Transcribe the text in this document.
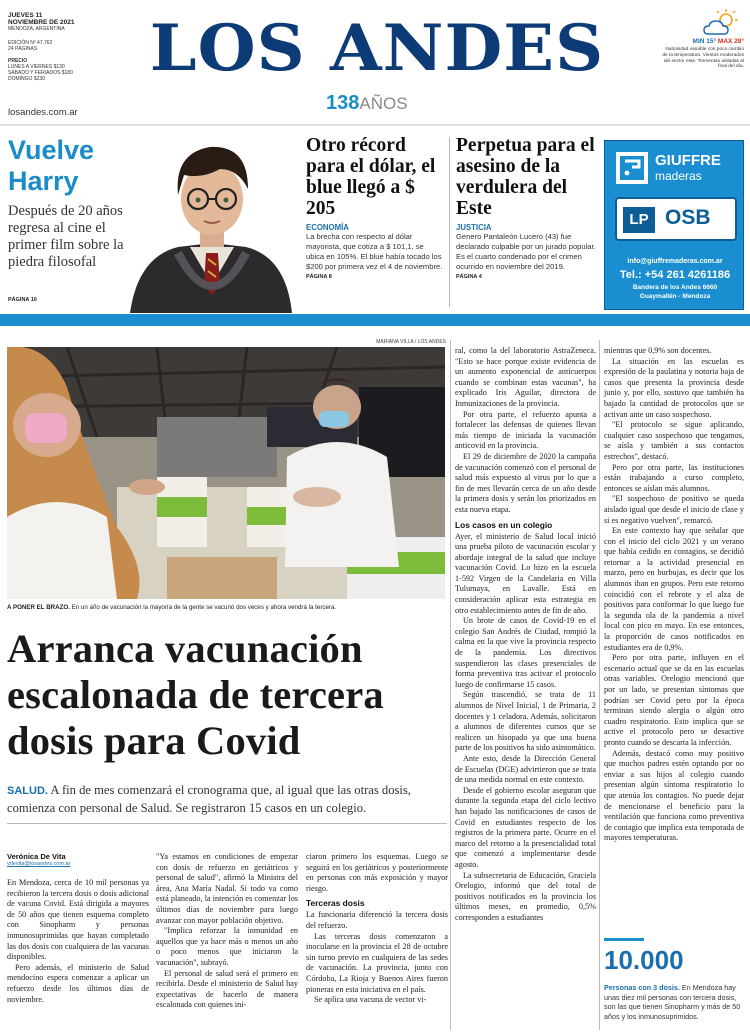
JUEVES 11
NOVIEMBRE DE 2021
MENDOZA, ARGENTINA
EDICIÓN Nº 47.762
24 PÁGINAS
PRECIO
LUNES A VIERNES $130
SÁBADO Y FERIADOS $180
DOMINGO $230
losandes.com.ar
LOS ANDES
138AÑOS
MIN 15° MAX 28°
Nubosidad variable con poco cambio de la temperatura. Vientos moderados del sector este. Tormentas aisladas al final del día.
Vuelve
Harry
Después de 20 años regresa al cine el primer film sobre la piedra filosofal
PÁGINA 10
Otro récord para el dólar, el blue llegó a $ 205
ECONOMÍA
La brecha con respecto al dólar mayorista, que cotiza a $ 101,1, se ubica en 105%. El blue había tocado los $200 por primera vez el 4 de noviembre.
PÁGINA 8
Perpetua para el asesino de la verdulera del Este
JUSTICIA
Genero Pantaleón Lucero (43) fue declarado culpable por un jurado popular. Es el cuarto condenado por el crimen ocurrido en noviembre del 2019.
PÁGINA 4
GIUFFRE
maderas
LP OSB
info@giuffremaderas.com.ar
Tel.: +54 261 4261186
Bandera de los Andes 6660
Guaymallén - Mendoza
MARIANA VILLA / LOS ANDES
A PONER EL BRAZO. En un año de vacunación la mayoría de la gente se vacunó dos veces y ahora vendrá la tercera.
Arranca vacunación escalonada de tercera dosis para Covid
SALUD. A fin de mes comenzará el cronograma que, al igual que las otras dosis, comienza con personal de Salud. Se registraron 15 casos en un colegio.
Verónica De Vita
vdevita@losandes.com.ar

En Mendoza, cerca de 10 mil personas ya recibieron la tercera dosis o dosis adicional de vacuna Covid. Está dirigida a mayores de 50 años que tienen esquema completo con Sinopharm y personas inmunosuprimidas que hayan completado las dos dosis con cualquiera de las vacunas disponibles.

Pero además, el ministerio de Salud mendocino espera comenzar a aplicar un refuerzo desde los últimos días de noviembre.

"Ya estamos en condiciones de empezar con dosis de refuerzo en geriátricos y personal de salud", afirmó la Ministra del área, Ana María Nadal. Si todo va como está planeado, la intención es comenzar los últimos días de noviembre para luego avanzar con mayor población objetivo.

"Implica reforzar la inmunidad en aquellos que ya hace más o menos un año o poco menos que iniciaron la vacunación", subrayó.

El personal de salud será el primero en recibirla. Desde el ministerio de Salud hay expectativas de hacerlo de manera escalonada con quienes ini-

ciaron primero los esquemas. Luego se seguirá en los geriátricos y posteriormente en personas con más exposición y mayor riesgo.

Terceras dosis

La funcionaria diferenció la tercera dosis del refuerzo.

Las terceras dosis comenzaron a inocularse en la provincia el 28 de octubre sin turno previo en cualquiera de las sedes de vacunación. La provincia, junto con Córdoba, La Rioja y Buenos Aires fueron pioneras en esta iniciativa en el país.

Se aplica una vacuna de vector vi-

ral, como la del laboratorio AstraZeneca. "Esto se hace porque existe evidencia de un aumento exponencial de anticuerpos cuando se combinan estas vacunas", ha explicado Iris Aguilar, directora de Inmunizaciones de la provincia.

Por otra parte, el refuerzo apunta a fortalecer las defensas de quienes llevan más tiempo de iniciada la vacunación anticovid en la provincia.

El 29 de diciembre de 2020 la campaña de vacunación comenzó con el personal de salud más expuesto al virus por lo que a fin de mes llevarán cerca de un año desde la primera dosis y serán los priorizados en esta nueva etapa.

Los casos en un colegio

Ayer, el ministerio de Salud local inició una prueba piloto de vacunación escolar y abordaje integral de la salud que incluye vacunación Covid. Lo hizo en la escuela 1-592 Virgen de la Candelaria en Villa Tulumaya, en Lavalle. Está en consideración aplicar esta estrategia en otro establecimiento antes de fin de año.

Un brote de casos de Covid-19 en el colegio San Andrés de Ciudad, rompió la calma en la que vive la provincia respecto de la pandemia. Los directivos suspendieron las clases presenciales de forma preventiva tras activar el protocolo luego de confirmarse 15 casos.

Según trascendió, se trata de 11 alumnos de Nivel Inicial, 1 de Primaria, 2 docentes y 1 celadora. Además, solicitaron a alumnos de diferentes cursos que se realicen un hisopado ya que una buena parte de los positivos ha sido asintomático.

Ante esto, desde la Dirección General de Escuelas (DGE) advirtieron que se trata de una medida normal en este contexto.

Desde el gobierno escolar aseguran que durante la segunda etapa del ciclo lectivo han bajado las notificaciones de casos de Covid en estudiantes respecto de los registros de la primera parte. Ocurre en el marco del retorno a la presencialidad total que comenzó a implementarse desde agosto.

La subsecretaria de Educación, Graciela Orelogio, informó que del total de positivos notificados en la provincia los últimos meses, en promedio, 0,5% corresponden a estudiantes

mientras que 0,9% son docentes.

La situación en las escuelas es expresión de la paulatina y notoria baja de casos que presenta la provincia desde junio y, por ello, sostuvo que también ha bajado la cantidad de protocolos que se activan ante un caso sospechoso.

"El protocolo se sigue aplicando, cualquier caso sospechoso que tengamos, se aísla y también a sus contactos estrechos", destacó.

Pero por otra parte, las instituciones están trabajando a curso completo, entonces se aíslan más alumnos.

"El sospechoso de positivo se queda aislado igual que desde el inicio de clase y si es negativo vuelven", remarcó.

En este contexto hay que señalar que con el inicio del ciclo 2021 y un verano que había cedido en contagios, se decidió retornar a la actividad presencial en marzo, pero en burbujas, es decir que los alumnos iban en grupos. Pero este retorno coincidió con el rebrote y el alza de positivos para conformar lo que luego fue la segunda ola de la pandemia a nivel local con pico en mayo. En ese entonces, la proporción de casos notificados en estudiantes era de 0,9%.

Pero por otra parte, influyen en el escenario actual que se da en las escuelas otras variables. Orelogio mencionó que por un lado, se presentan síntomas que podrían ser Covid pero por la época terminan siendo alergia o algún otro cuadro respiratorio. Esto implica que se active el protocolo pero se desactive pronto cuando se descarta la infección.

Además, destacó como muy positivo que muchos padres estén optando por no enviar a sus hijos al colegio cuando presentan algún síntoma respiratorio lo que atenúa los contagios. No puede dejar de mencionarse el beneficio para la ventilación que funciona como preventiva de contagio que implica esta temporada de mayores temperaturas.

10.000
Personas con 3 dosis. En Mendoza hay unas diez mil personas con tercera dosis, son las que tienen Sinopharm y más de 50 años y los inmunosuprimidos.
